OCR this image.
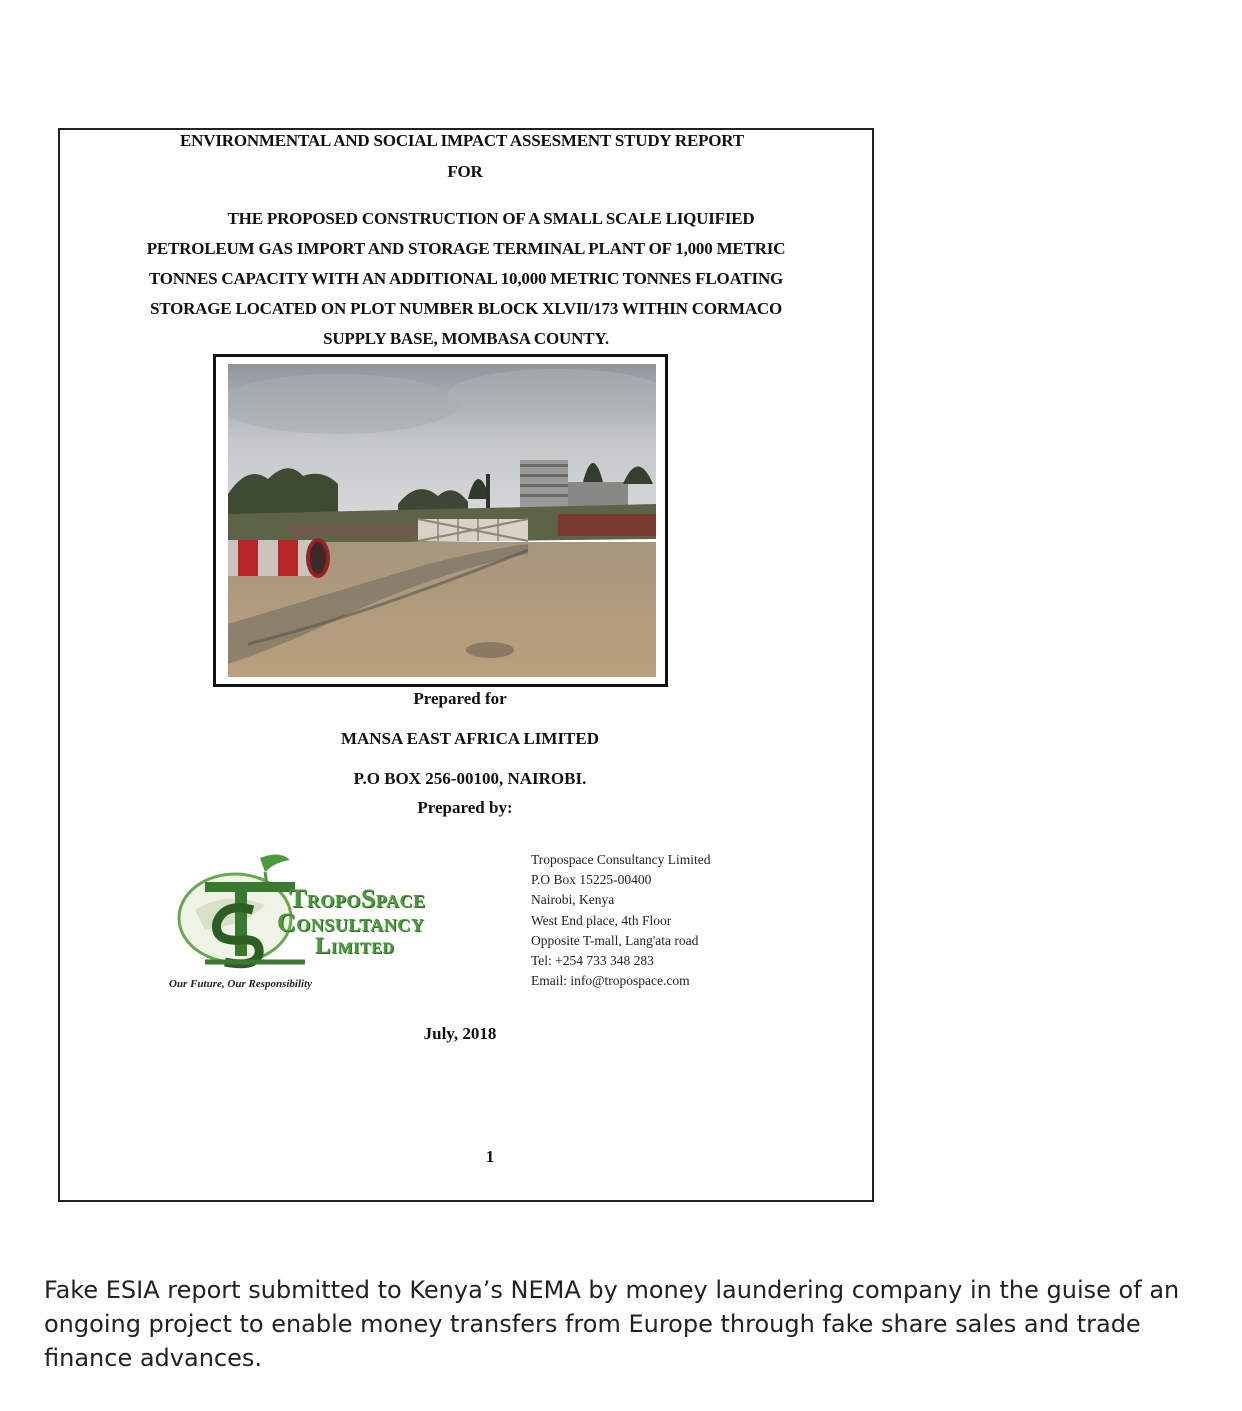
ENVIRONMENTAL AND SOCIAL IMPACT ASSESMENT STUDY REPORT
FOR
THE PROPOSED CONSTRUCTION OF A SMALL SCALE LIQUIFIED
PETROLEUM GAS IMPORT AND STORAGE TERMINAL PLANT OF 1,000 METRIC
TONNES CAPACITY WITH AN ADDITIONAL 10,000 METRIC TONNES FLOATING
STORAGE LOCATED ON PLOT NUMBER BLOCK XLVII/173 WITHIN CORMACO
SUPPLY BASE, MOMBASA COUNTY.
Prepared for
MANSA EAST AFRICA LIMITED
P.O BOX 256-00100, NAIROBI.
Prepared by:
TropoSpace
Consultancy
Limited
Our Future, Our Responsibility
Tropospace Consultancy Limited
P.O Box 15225-00400
Nairobi, Kenya
West End place, 4th Floor
Opposite T-mall, Lang'ata road
Tel: +254 733 348 283
Email: info@tropospace.com
July, 2018
1
Fake ESIA report submitted to Kenya’s NEMA by money laundering company in the guise of an ongoing project to enable money transfers from Europe through fake share sales and trade finance advances.
